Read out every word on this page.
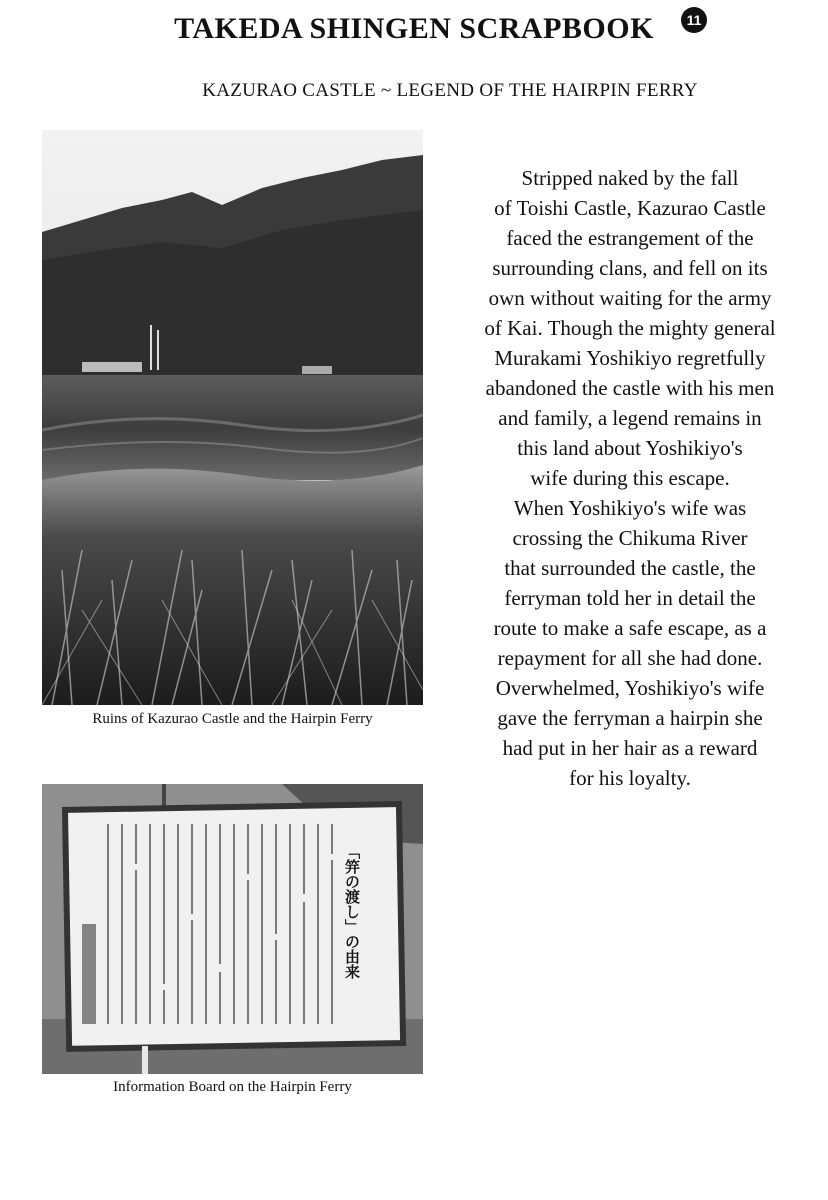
TAKEDA SHINGEN SCRAPBOOK	11
KAZURAO CASTLE ~ LEGEND OF THE HAIRPIN FERRY
Ruins of Kazurao Castle and the Hairpin Ferry
「笄の渡し」の由来
Information Board on the Hairpin Ferry
Stripped naked by the fall
of Toishi Castle, Kazurao Castle
faced the estrangement of the
surrounding clans, and fell on its
own without waiting for the army
of Kai. Though the mighty general
Murakami Yoshikiyo regretfully
abandoned the castle with his men
and family, a legend remains in
this land about Yoshikiyo's
wife during this escape.
When Yoshikiyo's wife was
crossing the Chikuma River
that surrounded the castle, the
ferryman told her in detail the
route to make a safe escape, as a
repayment for all she had done.
Overwhelmed, Yoshikiyo's wife
gave the ferryman a hairpin she
had put in her hair as a reward
for his loyalty.
